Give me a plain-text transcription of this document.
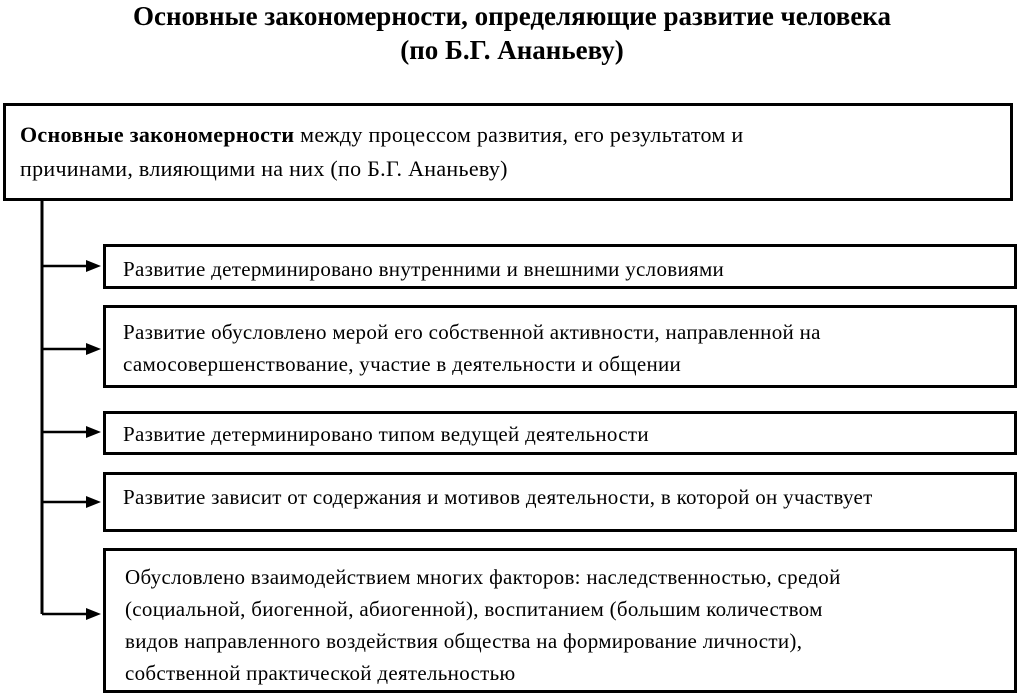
Основные закономерности, определяющие развитие человека
(по Б.Г. Ананьеву)
Основные закономерности между процессом развития, его результатом и
причинами, влияющими на них (по Б.Г. Ананьеву)
Развитие детерминировано внутренними и внешними условиями
Развитие обусловлено мерой его собственной активности, направленной на
самосовершенствование, участие в деятельности и общении
Развитие детерминировано типом ведущей деятельности
Развитие зависит от содержания и мотивов деятельности, в которой он участвует
Обусловлено взаимодействием многих факторов: наследственностью, средой
(социальной, биогенной, абиогенной), воспитанием (большим количеством
видов направленного воздействия общества на формирование личности),
собственной практической деятельностью
